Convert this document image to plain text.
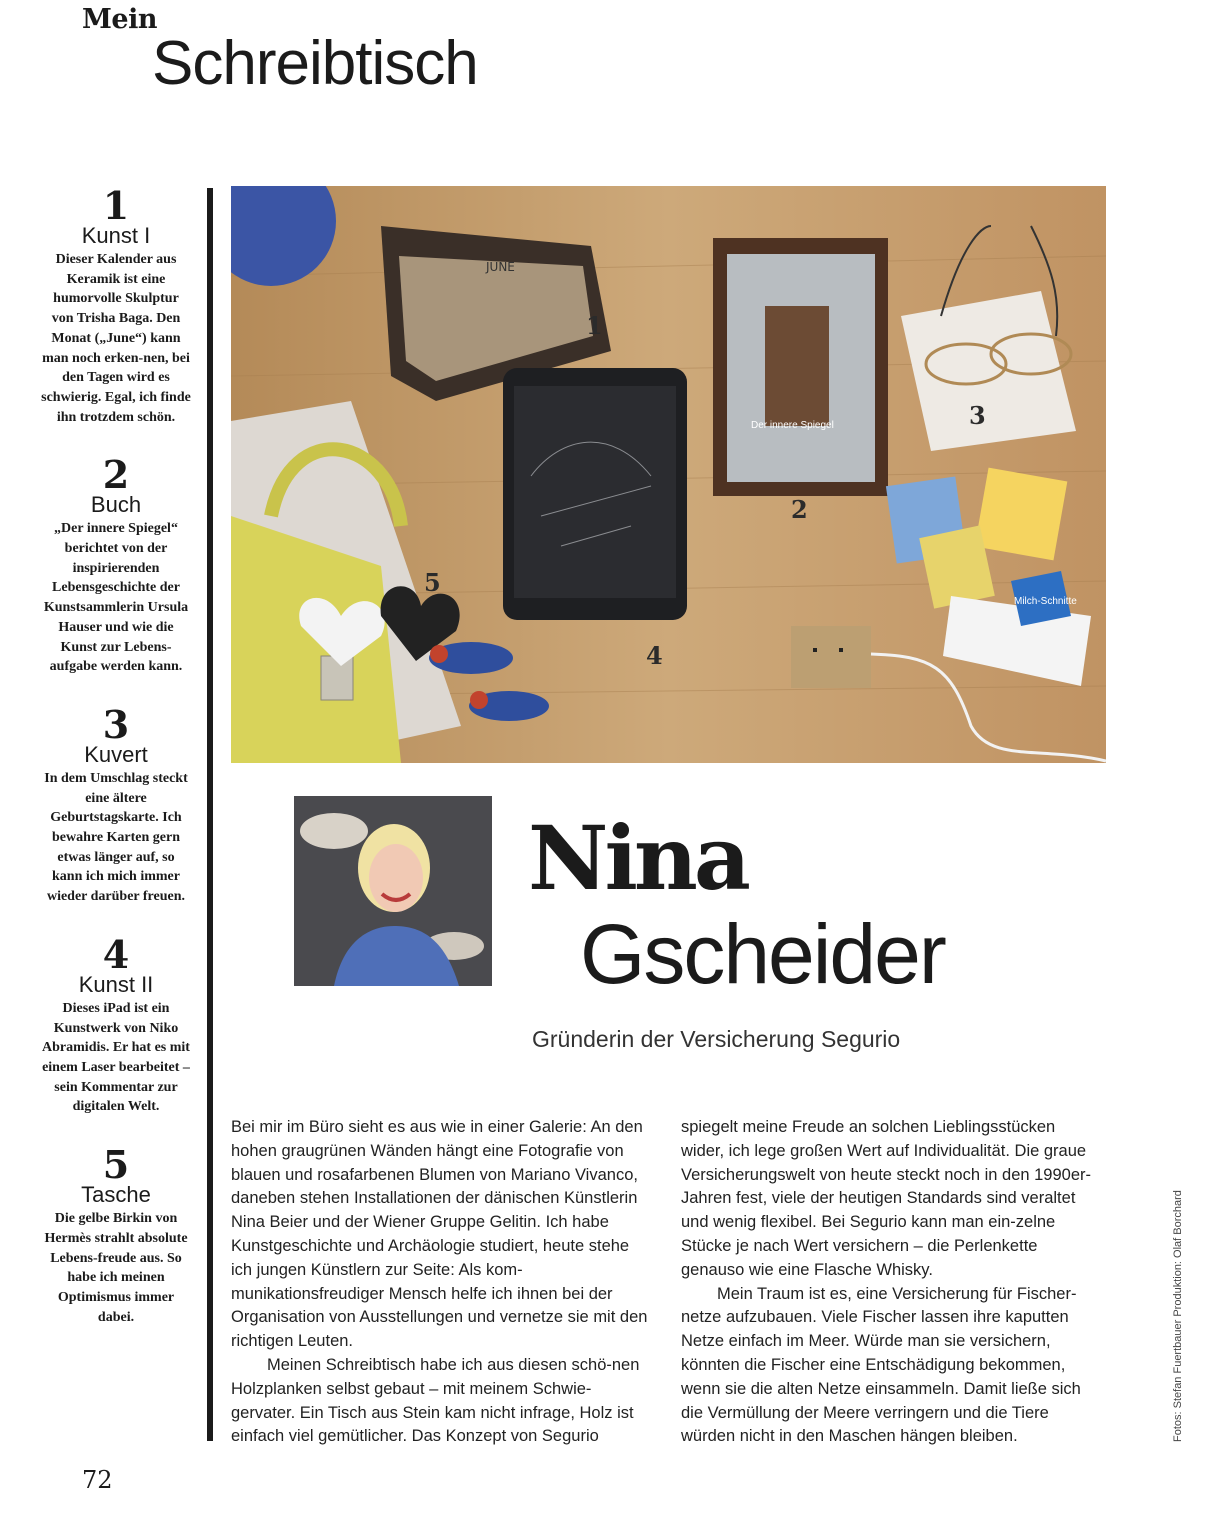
Mein
Schreibtisch
1
Kunst I
Dieser Kalender aus Keramik ist eine humorvolle Skulptur von Trisha Baga. Den Monat („June“) kann man noch erken-nen, bei den Tagen wird es schwierig. Egal, ich finde ihn trotzdem schön.
2
Buch
„Der innere Spiegel“ berichtet von der inspirierenden Lebensgeschichte der Kunstsammlerin Ursula Hauser und wie die Kunst zur Lebens-aufgabe werden kann.
3
Kuvert
In dem Umschlag steckt eine ältere Geburtstagskarte. Ich bewahre Karten gern etwas länger auf, so kann ich mich immer wieder darüber freuen.
4
Kunst II
Dieses iPad ist ein Kunstwerk von Niko Abramidis. Er hat es mit einem Laser bearbeitet – sein Kommentar zur digitalen Welt.
5
Tasche
Die gelbe Birkin von Hermès strahlt absolute Lebens-freude aus. So habe ich meinen Optimismus immer dabei.
JUNE
Der innere Spiegel
Milch-Schnitte
1
2
3
4
5
Nina
Gscheider
Gründerin der Versicherung Segurio

Bei mir im Büro sieht es aus wie in einer Galerie: An den hohen graugrünen Wänden hängt eine Fotografie von blauen und rosafarbenen Blumen von Mariano Vivanco, daneben stehen Installationen der dänischen Künstlerin Nina Beier und der Wiener Gruppe Gelitin. Ich habe Kunstgeschichte und Archäologie studiert, heute stehe ich jungen Künstlern zur Seite: Als kom-munikationsfreudiger Mensch helfe ich ihnen bei der Organisation von Ausstellungen und vernetze sie mit den richtigen Leuten.

Meinen Schreibtisch habe ich aus diesen schö-nen Holzplanken selbst gebaut – mit meinem Schwie-gervater. Ein Tisch aus Stein kam nicht infrage, Holz ist einfach viel gemütlicher. Das Konzept von Segurio

spiegelt meine Freude an solchen Lieblingsstücken wider, ich lege großen Wert auf Individualität. Die graue Versicherungswelt von heute steckt noch in den 1990er-Jahren fest, viele der heutigen Standards sind veraltet und wenig flexibel. Bei Segurio kann man ein-zelne Stücke je nach Wert versichern – die Perlenkette genauso wie eine Flasche Whisky.

Mein Traum ist es, eine Versicherung für Fischer-netze aufzubauen. Viele Fischer lassen ihre kaputten Netze einfach im Meer. Würde man sie versichern, könnten die Fischer eine Entschädigung bekommen, wenn sie die alten Netze einsammeln. Damit ließe sich die Vermüllung der Meere verringern und die Tiere würden nicht in den Maschen hängen bleiben.	Fotos: Stefan Fuertbauer Produktion: Olaf Borchard
72
